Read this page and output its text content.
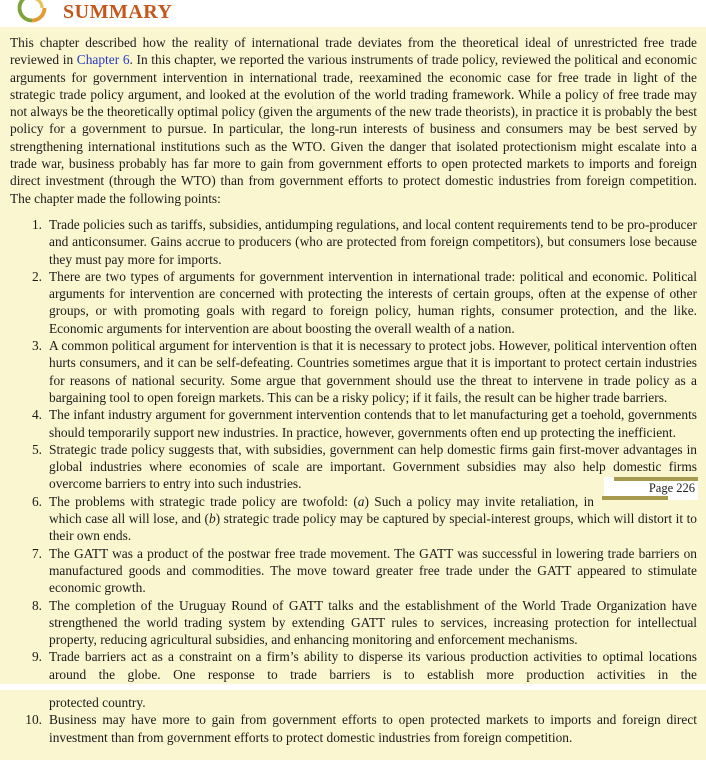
SUMMARY

This chapter described how the reality of international trade deviates from the theoretical ideal of unrestricted free trade reviewed in Chapter 6. In this chapter, we reported the various instruments of trade policy, reviewed the political and economic arguments for government intervention in international trade, reexamined the economic case for free trade in light of the strategic trade policy argument, and looked at the evolution of the world trading framework. While a policy of free trade may not always be the theoretically optimal policy (given the arguments of the new trade theorists), in practice it is probably the best policy for a government to pursue. In particular, the long-run interests of business and consumers may be best served by strengthening international institutions such as the WTO. Given the danger that isolated protectionism might escalate into a trade war, business probably has far more to gain from government efforts to open protected markets to imports and foreign direct investment (through the WTO) than from government efforts to protect domestic industries from foreign competition. The chapter made the following points:

1. Trade policies such as tariffs, subsidies, antidumping regulations, and local content requirements tend to be pro-producer and anticonsumer. Gains accrue to producers (who are protected from foreign competitors), but consumers lose because they must pay more for imports.
2. There are two types of arguments for government intervention in international trade: political and economic. Political arguments for intervention are concerned with protecting the interests of certain groups, often at the expense of other groups, or with promoting goals with regard to foreign policy, human rights, consumer protection, and the like. Economic arguments for intervention are about boosting the overall wealth of a nation.
3. A common political argument for intervention is that it is necessary to protect jobs. However, political intervention often hurts consumers, and it can be self-defeating. Countries sometimes argue that it is important to protect certain industries for reasons of national security. Some argue that government should use the threat to intervene in trade policy as a bargaining tool to open foreign markets. This can be a risky policy; if it fails, the result can be higher trade barriers.
4. The infant industry argument for government intervention contends that to let manufacturing get a toehold, governments should temporarily support new industries. In practice, however, governments often end up protecting the inefficient.
5. Strategic trade policy suggests that, with subsidies, government can help domestic firms gain first-mover advantages in global industries where economies of scale are important. Government subsidies may also help domestic firms overcome barriers to entry into such industries.
6.
Page 226
The problems with strategic trade policy are twofold: (a) Such a policy may invite retaliation, in which case all will lose, and (b) strategic trade policy may be captured by special-interest groups, which will distort it to their own ends.
7. The GATT was a product of the postwar free trade movement. The GATT was successful in lowering trade barriers on manufactured goods and commodities. The move toward greater free trade under the GATT appeared to stimulate economic growth.
8. The completion of the Uruguay Round of GATT talks and the establishment of the World Trade Organization have strengthened the world trading system by extending GATT rules to services, increasing protection for intellectual property, reducing agricultural subsidies, and enhancing monitoring and enforcement mechanisms.
9. Trade barriers act as a constraint on a firm’s ability to disperse its various production activities to optimal locations around the globe. One response to trade barriers is to establish more production activities in the
protected country.
10. Business may have more to gain from government efforts to open protected markets to imports and foreign direct investment than from government efforts to protect domestic industries from foreign competition.
